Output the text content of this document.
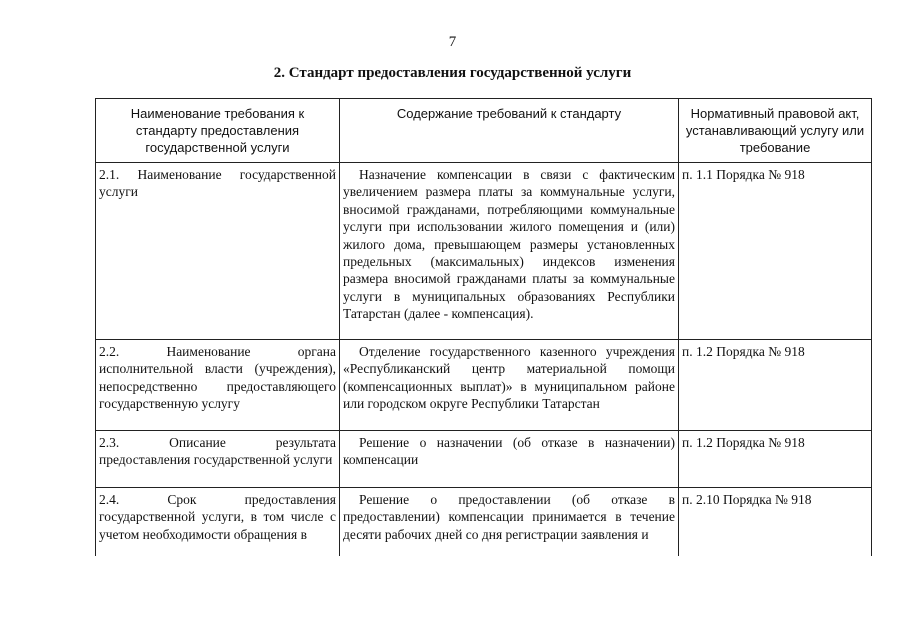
7
2. Стандарт предоставления государственной услуги
Наименование требования к стандарту предоставления государственной услуги	Содержание требований к стандарту	Нормативный правовой акт, устанавливающий услугу или требование
2.1. Наименование государственной услуги	Назначение компенсации в связи с фактическим увеличением размера платы за коммунальные услуги, вносимой гражданами, потребляющими коммунальные услуги при использовании жилого помещения и (или) жилого дома, превышающем размеры установленных предельных (максимальных) индексов изменения размера вносимой гражданами платы за коммунальные услуги в муниципальных образованиях Республики Татарстан (далее - компенсация).	п. 1.1 Порядка № 918
2.2. Наименование органа исполнительной власти (учреждения), непосредственно предоставляющего государственную услугу	Отделение государственного казенного учреждения «Республиканский центр материальной помощи (компенсационных выплат)» в муниципальном районе или городском округе Республики Татарстан	п. 1.2 Порядка № 918
2.3. Описание результата предоставления государственной услуги	Решение о назначении (об отказе в назначении) компенсации	п. 1.2 Порядка № 918
2.4. Срок предоставления государственной услуги, в том числе с учетом необходимости обращения в	Решение о предоставлении (об отказе в предоставлении) компенсации принимается в течение десяти рабочих дней со дня регистрации заявления и	п. 2.10 Порядка № 918
